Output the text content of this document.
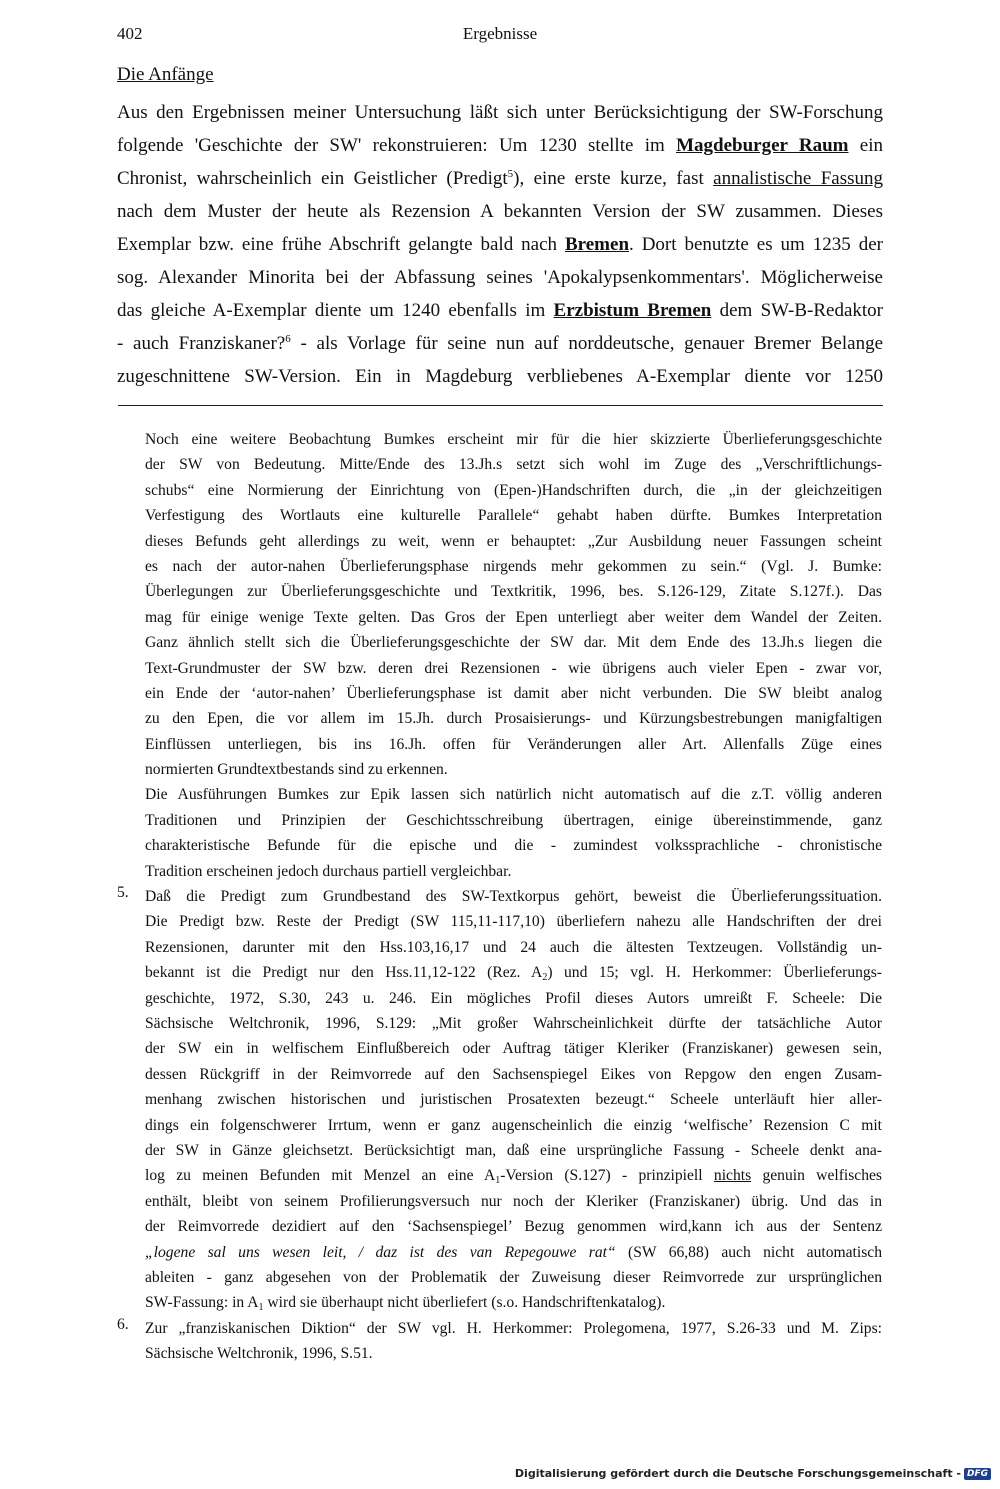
402	Ergebnisse
Die Anfänge
Aus den Ergebnissen meiner Untersuchung läßt sich unter Berücksichtigung der SW-Forschung
folgende 'Geschichte der SW' rekonstruieren: Um 1230 stellte im Magdeburger Raum ein
Chronist, wahrscheinlich ein Geistlicher (Predigt$^5$), eine erste kurze, fast annalistische Fassung
nach dem Muster der heute als Rezension A bekannten Version der SW zusammen. Dieses
Exemplar bzw. eine frühe Abschrift gelangte bald nach Bremen. Dort benutzte es um 1235 der
sog. Alexander Minorita bei der Abfassung seines 'Apokalypsenkommentars'. Möglicherweise
das gleiche A-Exemplar diente um 1240 ebenfalls im Erzbistum Bremen dem SW-B-Redaktor
- auch Franziskaner?$^6$ - als Vorlage für seine nun auf norddeutsche, genauer Bremer Belange
zugeschnittene SW-Version. Ein in Magdeburg verbliebenes A-Exemplar diente vor 1250
Noch eine weitere Beobachtung Bumkes erscheint mir für die hier skizzierte Überlieferungsgeschichte
der SW von Bedeutung. Mitte/Ende des 13.Jh.s setzt sich wohl im Zuge des „Verschriftlichungs-
schubs“ eine Normierung der Einrichtung von (Epen-)Handschriften durch, die „in der gleichzeitigen
Verfestigung des Wortlauts eine kulturelle Parallele“ gehabt haben dürfte. Bumkes Interpretation
dieses Befunds geht allerdings zu weit, wenn er behauptet: „Zur Ausbildung neuer Fassungen scheint
es nach der autor-nahen Überlieferungsphase nirgends mehr gekommen zu sein.“ (Vgl. J. Bumke:
Überlegungen zur Überlieferungsgeschichte und Textkritik, 1996, bes. S.126-129, Zitate S.127f.). Das
mag für einige wenige Texte gelten. Das Gros der Epen unterliegt aber weiter dem Wandel der Zeiten.
Ganz ähnlich stellt sich die Überlieferungsgeschichte der SW dar. Mit dem Ende des 13.Jh.s liegen die
Text-Grundmuster der SW bzw. deren drei Rezensionen - wie übrigens auch vieler Epen - zwar vor,
ein Ende der ‘autor-nahen’ Überlieferungsphase ist damit aber nicht verbunden. Die SW bleibt analog
zu den Epen, die vor allem im 15.Jh. durch Prosaisierungs- und Kürzungsbestrebungen manigfaltigen
Einflüssen unterliegen, bis ins 16.Jh. offen für Veränderungen aller Art. Allenfalls Züge eines
normierten Grundtextbestands sind zu erkennen.
Die Ausführungen Bumkes zur Epik lassen sich natürlich nicht automatisch auf die z.T. völlig anderen
Traditionen und Prinzipien der Geschichtsschreibung übertragen, einige übereinstimmende, ganz
charakteristische Befunde für die epische und die - zumindest volkssprachliche - chronistische
Tradition erscheinen jedoch durchaus partiell vergleichbar.
5. Daß die Predigt zum Grundbestand des SW-Textkorpus gehört, beweist die Überlieferungssituation.
Die Predigt bzw. Reste der Predigt (SW 115,11-117,10) überliefern nahezu alle Handschriften der drei
Rezensionen, darunter mit den Hss.103,16,17 und 24 auch die ältesten Textzeugen. Vollständig un-
bekannt ist die Predigt nur den Hss.11,12-122 (Rez. $A_2$) und 15; vgl. H. Herkommer: Überlieferungs-
geschichte, 1972, S.30, 243 u. 246. Ein mögliches Profil dieses Autors umreißt F. Scheele: Die
Sächsische Weltchronik, 1996, S.129: „Mit großer Wahrscheinlichkeit dürfte der tatsächliche Autor
der SW ein in welfischem Einflußbereich oder Auftrag tätiger Kleriker (Franziskaner) gewesen sein,
dessen Rückgriff in der Reimvorrede auf den Sachsenspiegel Eikes von Repgow den engen Zusam-
menhang zwischen historischen und juristischen Prosatexten bezeugt.“ Scheele unterläuft hier aller-
dings ein folgenschwerer Irrtum, wenn er ganz augenscheinlich die einzig ‘welfische’ Rezension C mit
der SW in Gänze gleichsetzt. Berücksichtigt man, daß eine ursprüngliche Fassung - Scheele denkt ana-
log zu meinen Befunden mit Menzel an eine $A_1$-Version (S.127) - prinzipiell nichts genuin welfisches
enthält, bleibt von seinem Profilierungsversuch nur noch der Kleriker (Franziskaner) übrig. Und das in
der Reimvorrede dezidiert auf den ‘Sachsenspiegel’ Bezug genommen wird,kann ich aus der Sentenz
„logene sal uns wesen leit, / daz ist des van Repegouwe rat“ (SW 66,88) auch nicht automatisch
ableiten - ganz abgesehen von der Problematik der Zuweisung dieser Reimvorrede zur ursprünglichen
SW-Fassung: in $A_1$ wird sie überhaupt nicht überliefert (s.o. Handschriftenkatalog).
6. Zur „franziskanischen Diktion“ der SW vgl. H. Herkommer: Prolegomena, 1977, S.26-33 und M. Zips:
Sächsische Weltchronik, 1996, S.51.
Digitalisierung gefördert durch die Deutsche Forschungsgemeinschaft - DFG
